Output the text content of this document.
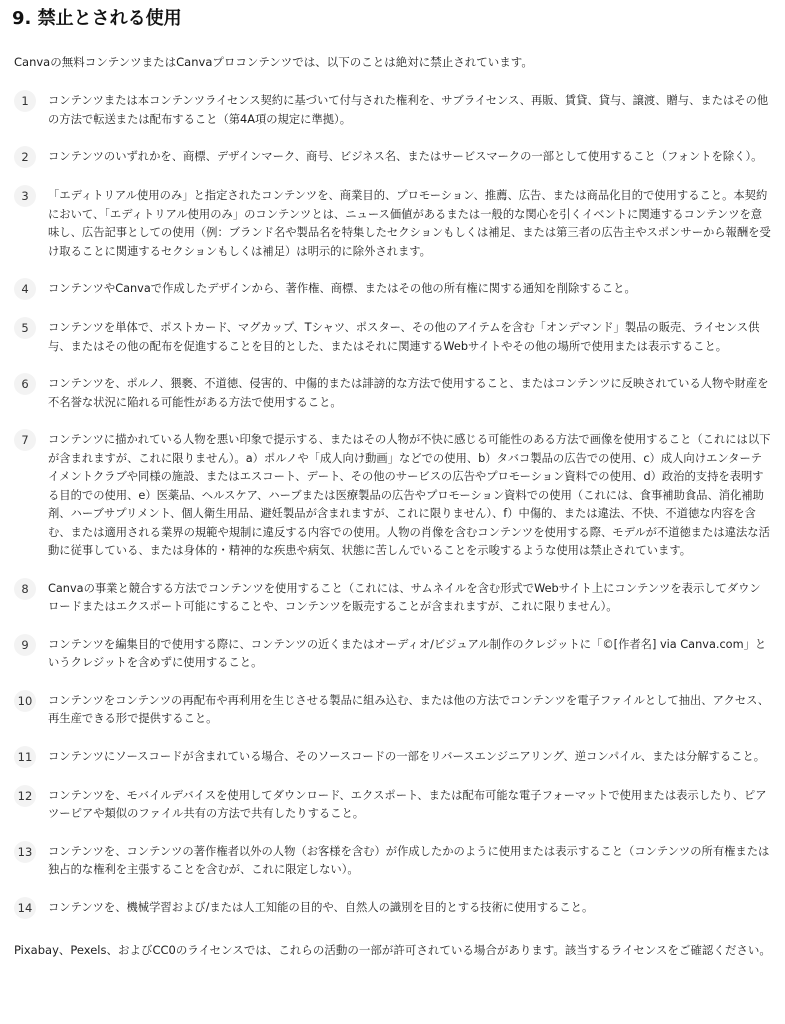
9. 禁止とされる使用

Canvaの無料コンテンツまたはCanvaプロコンテンツでは、以下のことは絶対に禁止されています。

1	コンテンツまたは本コンテンツライセンス契約に基づいて付与された権利を、サブライセンス、再販、賃貸、貸与、譲渡、贈与、またはその他の方法で転送または配布すること（第4A項の規定に準拠）。
2	コンテンツのいずれかを、商標、デザインマーク、商号、ビジネス名、またはサービスマークの一部として使用すること（フォントを除く）。
3	「エディトリアル使用のみ」と指定されたコンテンツを、商業目的、プロモーション、推薦、広告、または商品化目的で使用すること。本契約において、「エディトリアル使用のみ」のコンテンツとは、ニュース価値があるまたは一般的な関心を引くイベントに関連するコンテンツを意味し、広告記事としての使用（例：ブランド名や製品名を特集したセクションもしくは補足、または第三者の広告主やスポンサーから報酬を受け取ることに関連するセクションもしくは補足）は明示的に除外されます。
4	コンテンツやCanvaで作成したデザインから、著作権、商標、またはその他の所有権に関する通知を削除すること。
5	コンテンツを単体で、ポストカード、マグカップ、Tシャツ、ポスター、その他のアイテムを含む「オンデマンド」製品の販売、ライセンス供与、またはその他の配布を促進することを目的とした、またはそれに関連するWebサイトやその他の場所で使用または表示すること。
6	コンテンツを、ポルノ、猥褻、不道徳、侵害的、中傷的または誹謗的な方法で使用すること、またはコンテンツに反映されている人物や財産を不名誉な状況に陥れる可能性がある方法で使用すること。
7	コンテンツに描かれている人物を悪い印象で提示する、またはその人物が不快に感じる可能性のある方法で画像を使用すること（これには以下が含まれますが、これに限りません）。a）ポルノや「成人向け動画」などでの使用、b）タバコ製品の広告での使用、c）成人向けエンターテイメントクラブや同様の施設、またはエスコート、デート、その他のサービスの広告やプロモーション資料での使用、d）政治的支持を表明する目的での使用、e）医薬品、ヘルスケア、ハーブまたは医療製品の広告やプロモーション資料での使用（これには、食事補助食品、消化補助剤、ハーブサプリメント、個人衛生用品、避妊製品が含まれますが、これに限りません）、f）中傷的、または違法、不快、不道徳な内容を含む、または適用される業界の規範や規制に違反する内容での使用。人物の肖像を含むコンテンツを使用する際、モデルが不道徳または違法な活動に従事している、または身体的・精神的な疾患や病気、状態に苦しんでいることを示唆するような使用は禁止されています。
8	Canvaの事業と競合する方法でコンテンツを使用すること（これには、サムネイルを含む形式でWebサイト上にコンテンツを表示してダウンロードまたはエクスポート可能にすることや、コンテンツを販売することが含まれますが、これに限りません）。
9	コンテンツを編集目的で使用する際に、コンテンツの近くまたはオーディオ/ビジュアル制作のクレジットに「©[作者名] via Canva.com」というクレジットを含めずに使用すること。
10	コンテンツをコンテンツの再配布や再利用を生じさせる製品に組み込む、または他の方法でコンテンツを電子ファイルとして抽出、アクセス、再生産できる形で提供すること。
11	コンテンツにソースコードが含まれている場合、そのソースコードの一部をリバースエンジニアリング、逆コンパイル、または分解すること。
12	コンテンツを、モバイルデバイスを使用してダウンロード、エクスポート、または配布可能な電子フォーマットで使用または表示したり、ピアツーピアや類似のファイル共有の方法で共有したりすること。
13	コンテンツを、コンテンツの著作権者以外の人物（お客様を含む）が作成したかのように使用または表示すること（コンテンツの所有権または独占的な権利を主張することを含むが、これに限定しない）。
14	コンテンツを、機械学習および/または人工知能の目的や、自然人の識別を目的とする技術に使用すること。

Pixabay、Pexels、およびCC0のライセンスでは、これらの活動の一部が許可されている場合があります。該当するライセンスをご確認ください。
